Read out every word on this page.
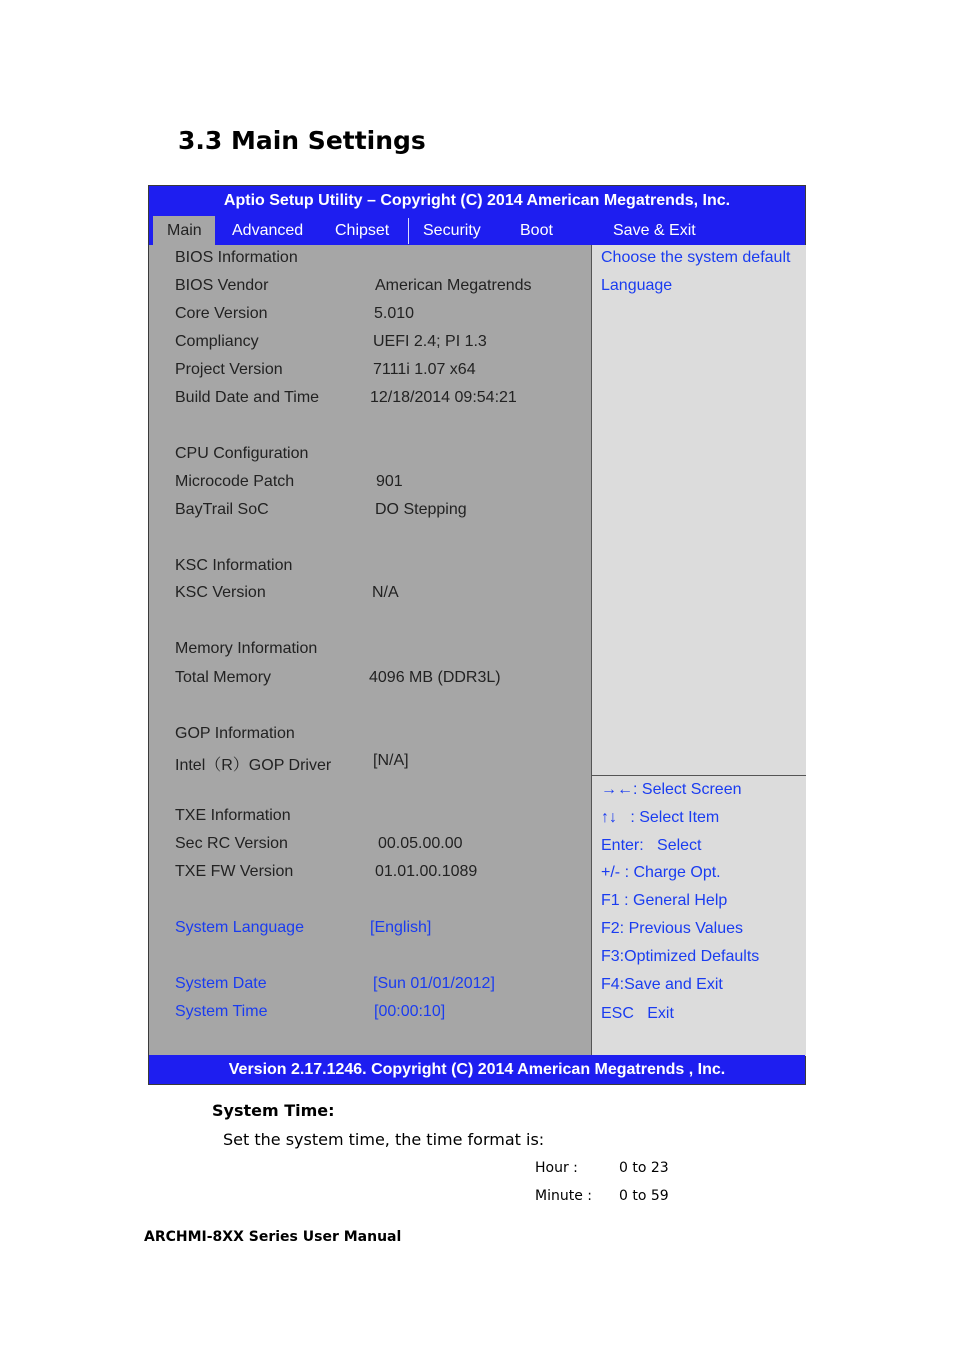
3.3 Main Settings
Aptio Setup Utility – Copyright (C) 2014 American Megatrends, Inc.
Main	Advanced Chipset Security Boot	Save & Exit
BIOS Information
BIOS Vendor	American Megatrends
Core Version	5.010
Compliancy	UEFI 2.4; PI 1.3
Project Version	7111i 1.07 x64
Build Date and Time	12/18/2014 09:54:21
CPU Configuration
Microcode Patch	901
BayTrail SoC	DO Stepping
KSC Information
KSC Version	N/A
Memory Information
Total Memory	4096 MB (DDR3L)
GOP Information
Intel（R）GOP Driver	[N/A]
TXE Information
Sec RC Version	00.05.00.00
TXE FW Version	01.01.00.1089
System Language	[English]
System Date	[Sun 01/01/2012]
System Time	[00:00:10]
Choose the system default
Language
→←: Select Screen
↑↓   : Select Item
Enter:   Select
+/- : Charge Opt.
F1 : General Help
F2: Previous Values
F3:Optimized Defaults
F4:Save and Exit
ESC   Exit
Version 2.17.1246. Copyright (C) 2014 American Megatrends , Inc.
System Time:
Set the system time, the time format is:
Hour :	0 to 23
Minute : 0 to 59
ARCHMI-8XX Series User Manual
